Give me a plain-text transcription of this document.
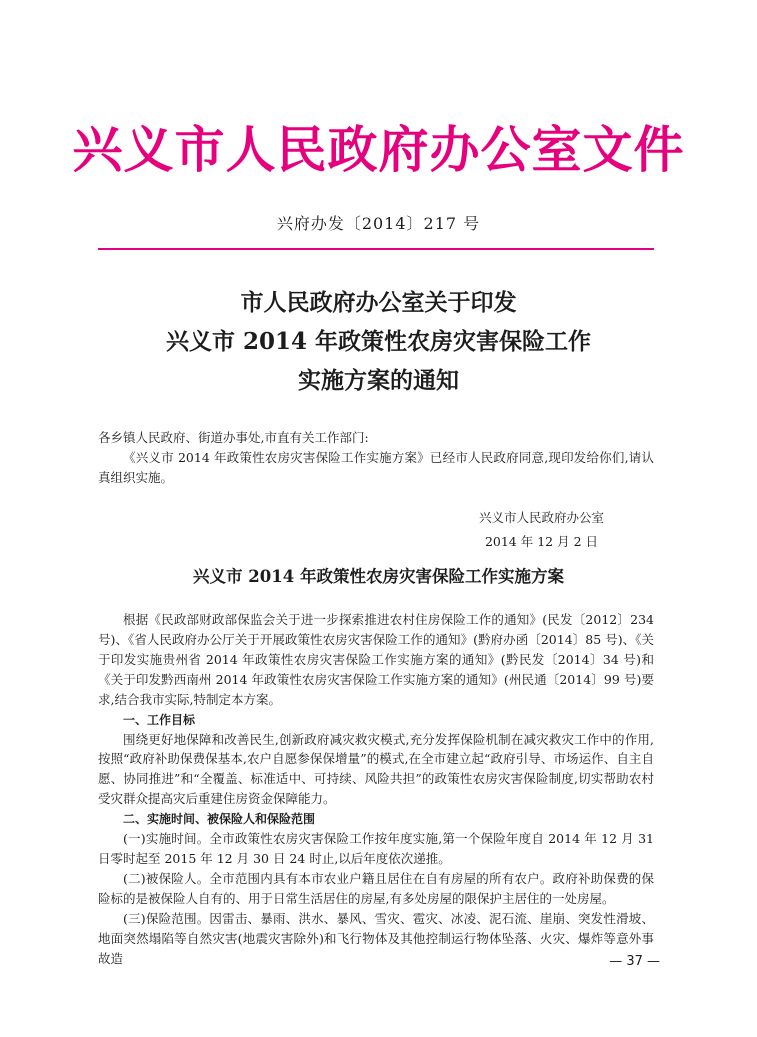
兴义市人民政府办公室文件
兴府办发〔2014〕217 号
市人民政府办公室关于印发
兴义市 2014 年政策性农房灾害保险工作
实施方案的通知

各乡镇人民政府、街道办事处,市直有关工作部门:

《兴义市 2014 年政策性农房灾害保险工作实施方案》已经市人民政府同意,现印发给你们,请认真组织实施。

兴义市人民政府办公室
2014 年 12 月 2 日
兴义市 2014 年政策性农房灾害保险工作实施方案

根据《民政部财政部保监会关于进一步探索推进农村住房保险工作的通知》(民发〔2012〕234号)、《省人民政府办公厅关于开展政策性农房灾害保险工作的通知》(黔府办函〔2014〕85 号)、《关于印发实施贵州省 2014 年政策性农房灾害保险工作实施方案的通知》(黔民发〔2014〕34 号)和《关于印发黔西南州 2014 年政策性农房灾害保险工作实施方案的通知》(州民通〔2014〕99 号)要求,结合我市实际,特制定本方案。

一、工作目标

围绕更好地保障和改善民生,创新政府减灾救灾模式,充分发挥保险机制在减灾救灾工作中的作用,按照“政府补助保费保基本,农户自愿参保保增量”的模式,在全市建立起“政府引导、市场运作、自主自愿、协同推进”和“全覆盖、标准适中、可持续、风险共担”的政策性农房灾害保险制度,切实帮助农村受灾群众提高灾后重建住房资金保障能力。

二、实施时间、被保险人和保险范围

(一)实施时间。全市政策性农房灾害保险工作按年度实施,第一个保险年度自 2014 年 12 月 31 日零时起至 2015 年 12 月 30 日 24 时止,以后年度依次递推。

(二)被保险人。全市范围内具有本市农业户籍且居住在自有房屋的所有农户。政府补助保费的保险标的是被保险人自有的、用于日常生活居住的房屋,有多处房屋的限保护主居住的一处房屋。

(三)保险范围。因雷击、暴雨、洪水、暴风、雪灾、雹灾、冰凌、泥石流、崖崩、突发性滑坡、地面突然塌陷等自然灾害(地震灾害除外)和飞行物体及其他控制运行物体坠落、火灾、爆炸等意外事故造	— 37 —
